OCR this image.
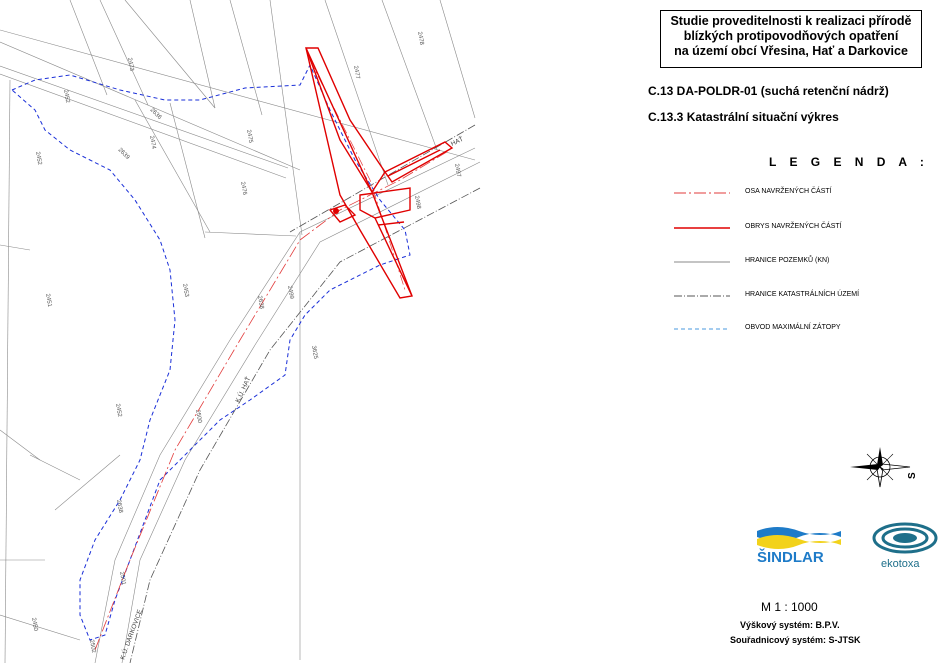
2478
2473
2477
2452
2636
2474	2475
2639
2452
2476
2498
2497
2451
2453
2638
2499
2452	2500
3625
2638
2501
2450
2502
K.Ú. HAŤ
K.Ú. DARKOVICE
HAŤ
Studie proveditelnosti k realizaci přírodě
blízkých protipovodňových opatření
na území obcí Vřesina, Hať a Darkovice
C.13 DA-POLDR-01 (suchá retenční nádrž)
C.13.3 Katastrální situační výkres
L E G E N D A :
OSA NAVRŽENÝCH ČÁSTÍ
OBRYS NAVRŽENÝCH ČÁSTÍ
HRANICE POZEMKŮ (KN)
HRANICE KATASTRÁLNÍCH ÚZEMÍ
OBVOD MAXIMÁLNÍ ZÁTOPY
S
ŠINDLAR	ekotoxa
M 1 : 1000
Výškový systém: B.P.V.
Souřadnicový systém: S-JTSK
